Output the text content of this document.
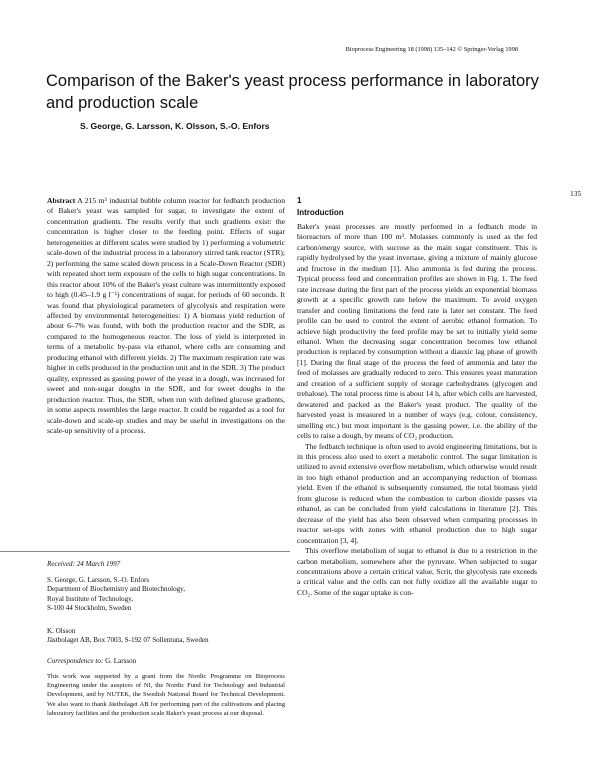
Bioprocess Engineering 18 (1998) 135–142 © Springer-Verlag 1998
135
Comparison of the Baker's yeast process performance in laboratory and production scale
S. George, G. Larsson, K. Olsson, S.-O. Enfors

Abstract A 215 m³ industrial bubble column reactor for fedbatch production of Baker's yeast was sampled for sugar, to investigate the extent of concentration gradients. The results verify that such gradients exist: the concentration is higher closer to the feeding point. Effects of sugar heterogeneities at different scales were studied by 1) performing a volumetric scale-down of the industrial process in a laboratory stirred tank reactor (STR); 2) performing the same scaled down process in a Scale-Down Reactor (SDR) with repeated short term exposure of the cells to high sugar concentrations. In this reactor about 10% of the Baker's yeast culture was intermittently exposed to high (0.45–1.9 g l⁻¹) concentrations of sugar, for periods of 60 seconds. It was found that physiological parameters of glycolysis and respiration were affected by environmental heterogeneities: 1) A biomass yield reduction of about 6–7% was found, with both the production reactor and the SDR, as compared to the homogeneous reactor. The loss of yield is interpreted in terms of a metabolic by-pass via ethanol, where cells are consuming and producing ethanol with different yields. 2) The maximum respiration rate was higher in cells produced in the production unit and in the SDR. 3) The product quality, expressed as gassing power of the yeast in a dough, was increased for sweet and non-sugar doughs in the SDR, and for sweet doughs in the production reactor. Thus, the SDR, when run with defined glucose gradients, in some aspects resembles the large reactor. It could be regarded as a tool for scale-down and scale-up studies and may be useful in investigations on the scale-up sensitivity of a process.

Received: 24 March 1997
S. George, G. Larsson, S.-O. Enfors
Department of Biochemistry and Biotechnology,
Royal Institute of Technology,
S-100 44 Stockholm, Sweden
K. Olsson
Jästbolaget AB, Box 7003, S-192 07 Sollentuna, Sweden
Correspondence to: G. Larsson

This work was supported by a grant from the Nordic Programme on Bioprocess Engineering under the auspices of NI, the Nordic Fund for Technology and Industrial Development, and by NUTEK, the Swedish National Board for Technical Development. We also want to thank Jästbolaget AB for performing part of the cultivations and placing laboratory facilities and the production scale Baker's yeast process at our disposal.

1
Introduction

Baker's yeast processes are mostly performed in a fedbatch mode in bioreactors of more than 100 m³. Molasses commonly is used as the fed carbon/energy source, with sucrose as the main sugar constituent. This is rapidly hydrolysed by the yeast invertase, giving a mixture of mainly glucose and fructose in the medium [1]. Also ammonia is fed during the process. Typical process feed and concentration profiles are shown in Fig. 1. The feed rate increase during the first part of the process yields an exponential biomass growth at a specific growth rate below the maximum. To avoid oxygen transfer and cooling limitations the feed rate is later set constant. The feed profile can be used to control the extent of aerobic ethanol formation. To achieve high productivity the feed profile may be set to initially yield some ethanol. When the decreasing sugar concentration becomes low ethanol production is replaced by consumption without a diauxic lag phase of growth [1]. During the final stage of the process the feed of ammonia and later the feed of molasses are gradually reduced to zero. This ensures yeast maturation and creation of a sufficient supply of storage carbohydrates (glycogen and trehalose). The total process time is about 14 h, after which cells are harvested, dewatered and packed as the Baker's yeast product. The quality of the harvested yeast is measured in a number of ways (e.g. colour, consistency, smelling etc.) but most important is the gassing power, i.e. the ability of the cells to raise a dough, by means of CO₂ production.

The fedbatch technique is often used to avoid engineering limitations, but is in this process also used to exert a metabolic control. The sugar limitation is utilized to avoid extensive overflow metabolism, which otherwise would result in too high ethanol production and an accompanying reduction of biomass yield. Even if the ethanol is subsequently consumed, the total biomass yield from glucose is reduced when the combustion to carbon dioxide passes via ethanol, as can be concluded from yield calculations in literature [2]. This decrease of the yield has also been observed when comparing processes in reactor set-ups with zones with ethanol production due to high sugar concentration [3, 4].

This overflow metabolism of sugar to ethanol is due to a restriction in the carbon metabolism, somewhere after the pyruvate. When subjected to sugar concentrations above a certain critical value, Scrit, the glycolysis rate exceeds a critical value and the cells can not fully oxidize all the available sugar to CO₂. Some of the sugar uptake is con-
